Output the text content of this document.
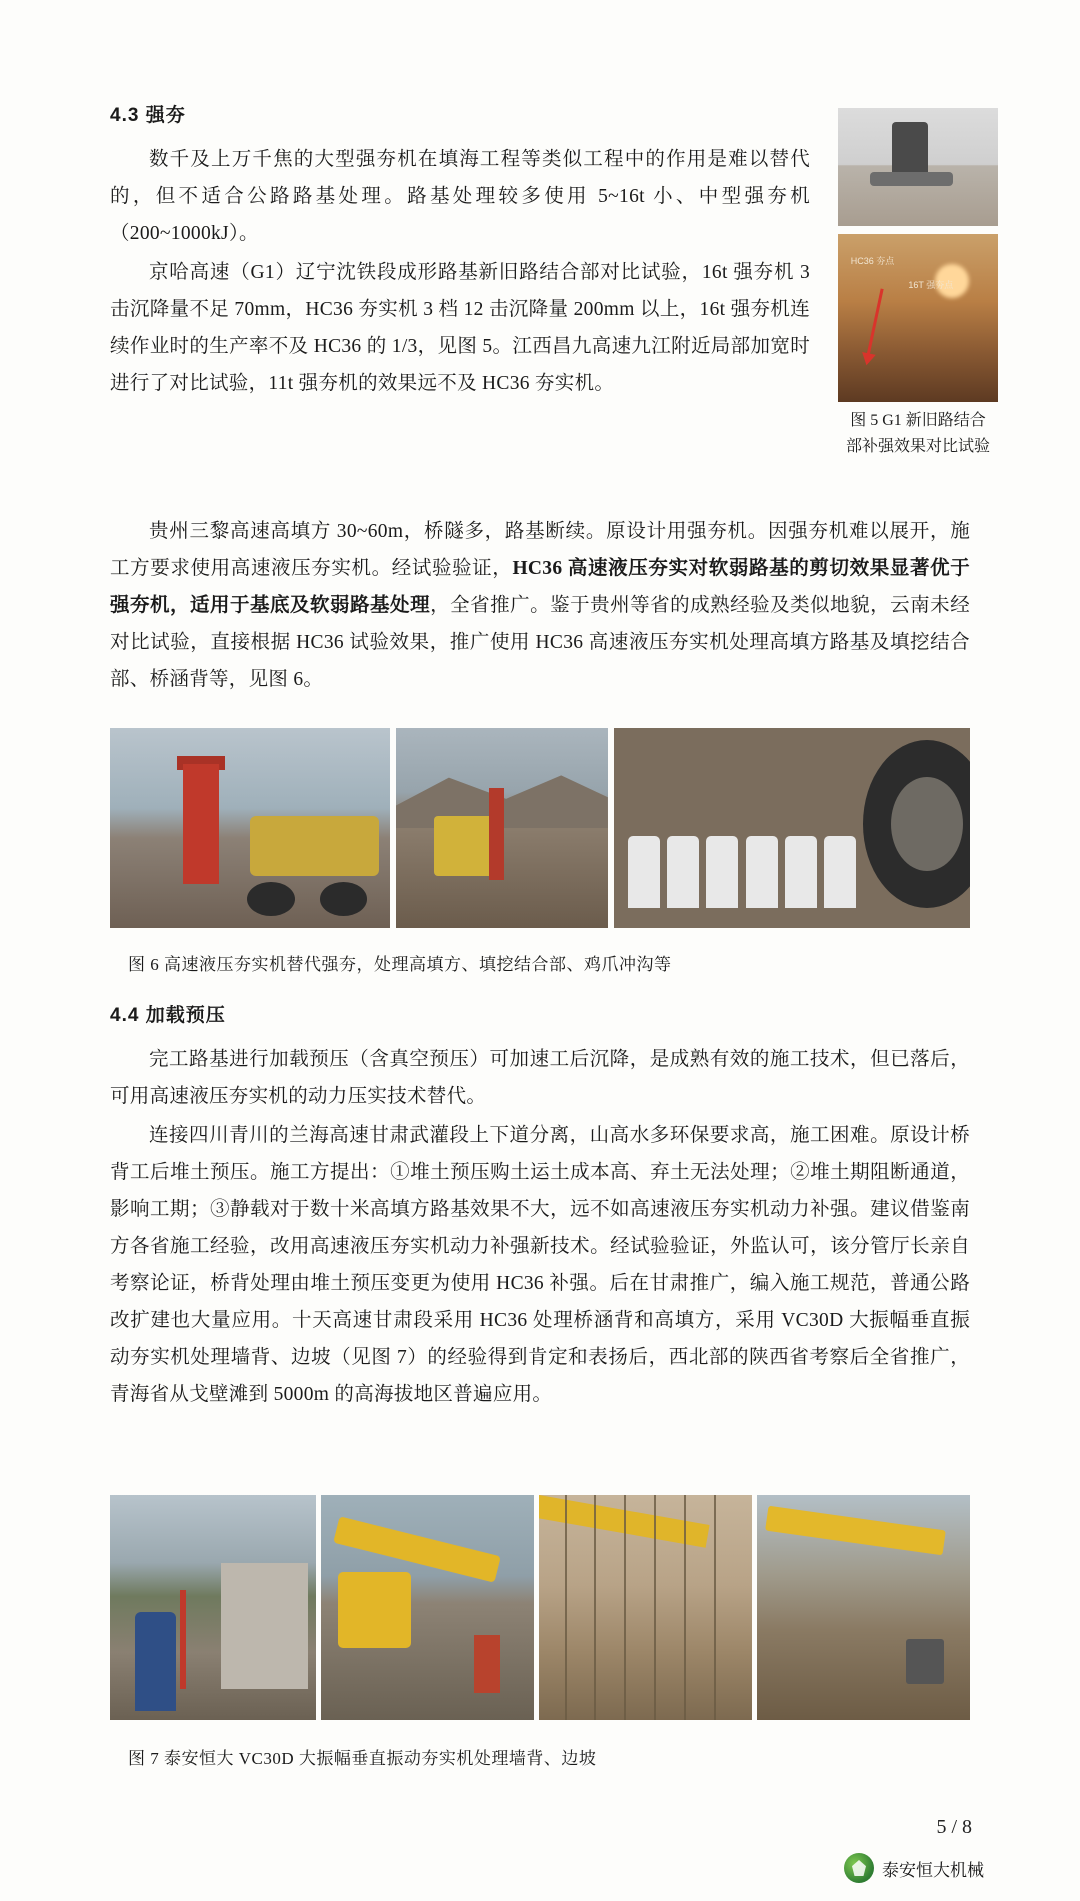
HC36 夯点
16T 强夯点
图 5 G1 新旧路结合
部补强效果对比试验
4.3 强夯

数千及上万千焦的大型强夯机在填海工程等类似工程中的作用是难以替代的，但不适合公路路基处理。路基处理较多使用 5~16t 小、中型强夯机（200~1000kJ）。

京哈高速（G1）辽宁沈铁段成形路基新旧路结合部对比试验，16t 强夯机 3 击沉降量不足 70mm，HC36 夯实机 3 档 12 击沉降量 200mm 以上，16t 强夯机连续作业时的生产率不及 HC36 的 1/3，见图 5。江西昌九高速九江附近局部加宽时进行了对比试验，11t 强夯机的效果远不及 HC36 夯实机。

贵州三黎高速高填方 30~60m，桥隧多，路基断续。原设计用强夯机。因强夯机难以展开，施工方要求使用高速液压夯实机。经试验验证，HC36 高速液压夯实对软弱路基的剪切效果显著优于强夯机，适用于基底及软弱路基处理，全省推广。鉴于贵州等省的成熟经验及类似地貌，云南未经对比试验，直接根据 HC36 试验效果，推广使用 HC36 高速液压夯实机处理高填方路基及填挖结合部、桥涵背等，见图 6。

图 6 高速液压夯实机替代强夯，处理高填方、填挖结合部、鸡爪冲沟等
4.4 加载预压

完工路基进行加载预压（含真空预压）可加速工后沉降，是成熟有效的施工技术，但已落后，可用高速液压夯实机的动力压实技术替代。

连接四川青川的兰海高速甘肃武灌段上下道分离，山高水多环保要求高，施工困难。原设计桥背工后堆土预压。施工方提出：①堆土预压购土运土成本高、弃土无法处理；②堆土期阻断通道，影响工期；③静载对于数十米高填方路基效果不大，远不如高速液压夯实机动力补强。建议借鉴南方各省施工经验，改用高速液压夯实机动力补强新技术。经试验验证，外监认可，该分管厅长亲自考察论证，桥背处理由堆土预压变更为使用 HC36 补强。后在甘肃推广，编入施工规范，普通公路改扩建也大量应用。十天高速甘肃段采用 HC36 处理桥涵背和高填方，采用 VC30D 大振幅垂直振动夯实机处理墙背、边坡（见图 7）的经验得到肯定和表扬后，西北部的陕西省考察后全省推广，青海省从戈壁滩到 5000m 的高海拔地区普遍应用。

图 7 泰安恒大 VC30D 大振幅垂直振动夯实机处理墙背、边坡
5 / 8
泰安恒大机械
